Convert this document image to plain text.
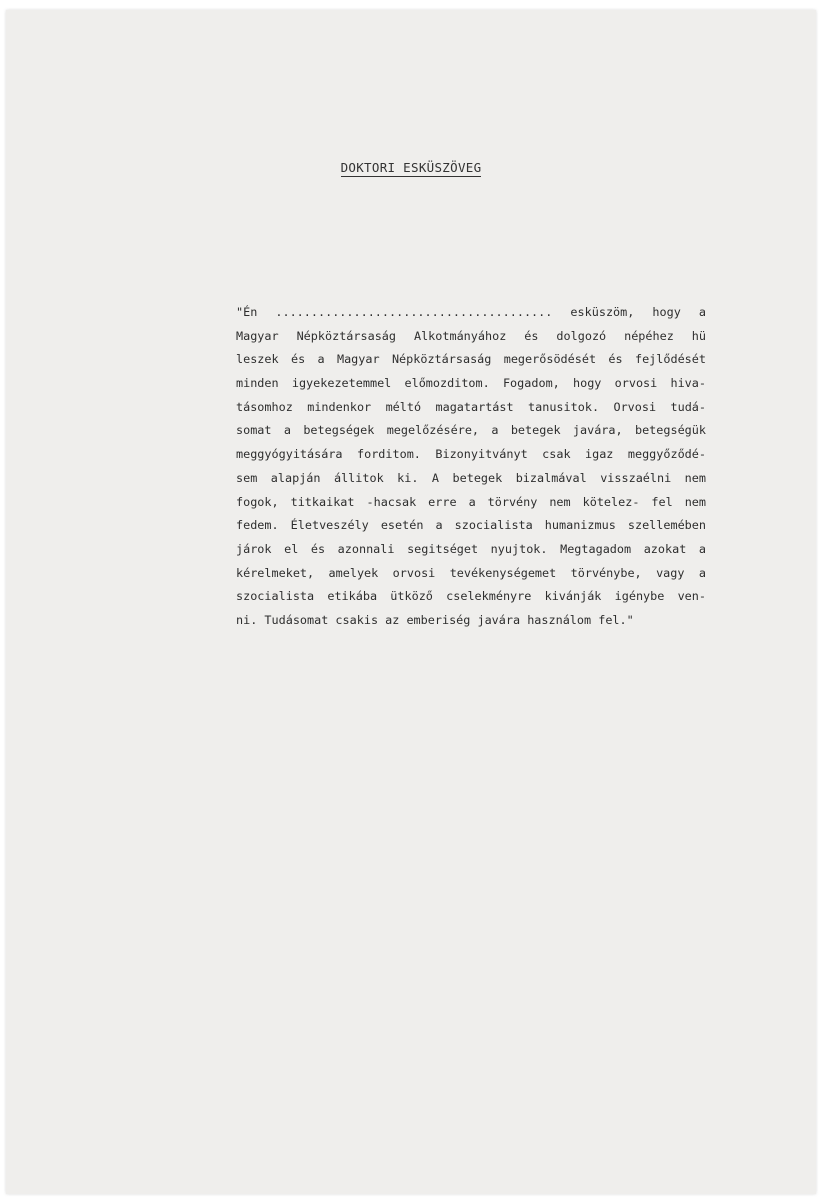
DOKTORI ESKÜSZÖVEG
"Én ....................................... esküszöm, hogy a
Magyar Népköztársaság Alkotmányához és dolgozó népéhez hü
leszek és a Magyar Népköztársaság megerősödését és fejlődését
minden igyekezetemmel előmozditom. Fogadom, hogy orvosi hiva-
tásomhoz mindenkor méltó magatartást tanusitok. Orvosi tudá-
somat a betegségek megelőzésére, a betegek javára, betegségük
meggyógyitására forditom. Bizonyitványt csak igaz meggyőződé-
sem alapján állitok ki. A betegek bizalmával visszaélni nem
fogok, titkaikat -hacsak erre a törvény nem kötelez- fel nem
fedem. Életveszély esetén a szocialista humanizmus szellemében
járok el és azonnali segitséget nyujtok. Megtagadom azokat a
kérelmeket, amelyek orvosi tevékenységemet törvénybe, vagy a
szocialista etikába ütköző cselekményre kivánják igénybe ven-
ni. Tudásomat csakis az emberiség javára használom fel."
